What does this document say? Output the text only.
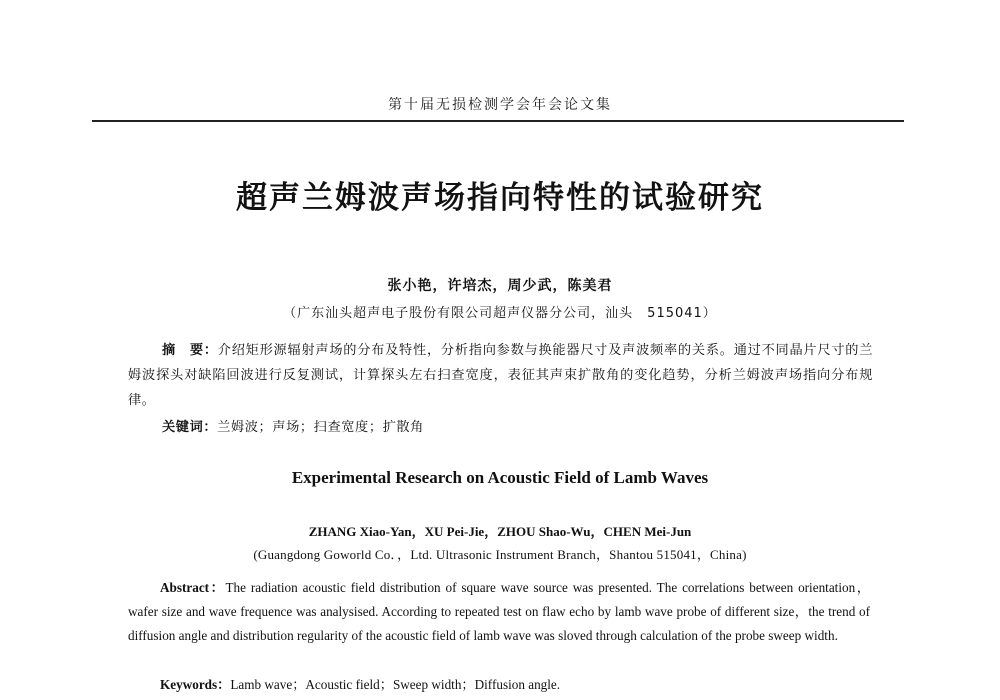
第十届无损检测学会年会论文集
超声兰姆波声场指向特性的试验研究
张小艳，许培杰，周少武，陈美君
（广东汕头超声电子股份有限公司超声仪器分公司，汕头　515041）

摘　要：介绍矩形源辐射声场的分布及特性，分析指向参数与换能器尺寸及声波频率的关系。通过不同晶片尺寸的兰姆波探头对缺陷回波进行反复测试，计算探头左右扫查宽度，表征其声束扩散角的变化趋势，分析兰姆波声场指向分布规律。

关键词：兰姆波；声场；扫查宽度；扩散角
Experimental Research on Acoustic Field of Lamb Waves
ZHANG Xiao-Yan，XU Pei-Jie，ZHOU Shao-Wu，CHEN Mei-Jun
(Guangdong Goworld Co．，Ltd. Ultrasonic Instrument Branch，Shantou 515041，China)

Abstract：The radiation acoustic field distribution of square wave source was presented. The correlations between orientation，wafer size and wave frequence was analysised. According to repeated test on flaw echo by lamb wave probe of different size，the trend of diffusion angle and distribution regularity of the acoustic field of lamb wave was sloved through calculation of the probe sweep width.

Keywords：Lamb wave；Acoustic field；Sweep width；Diffusion angle.
